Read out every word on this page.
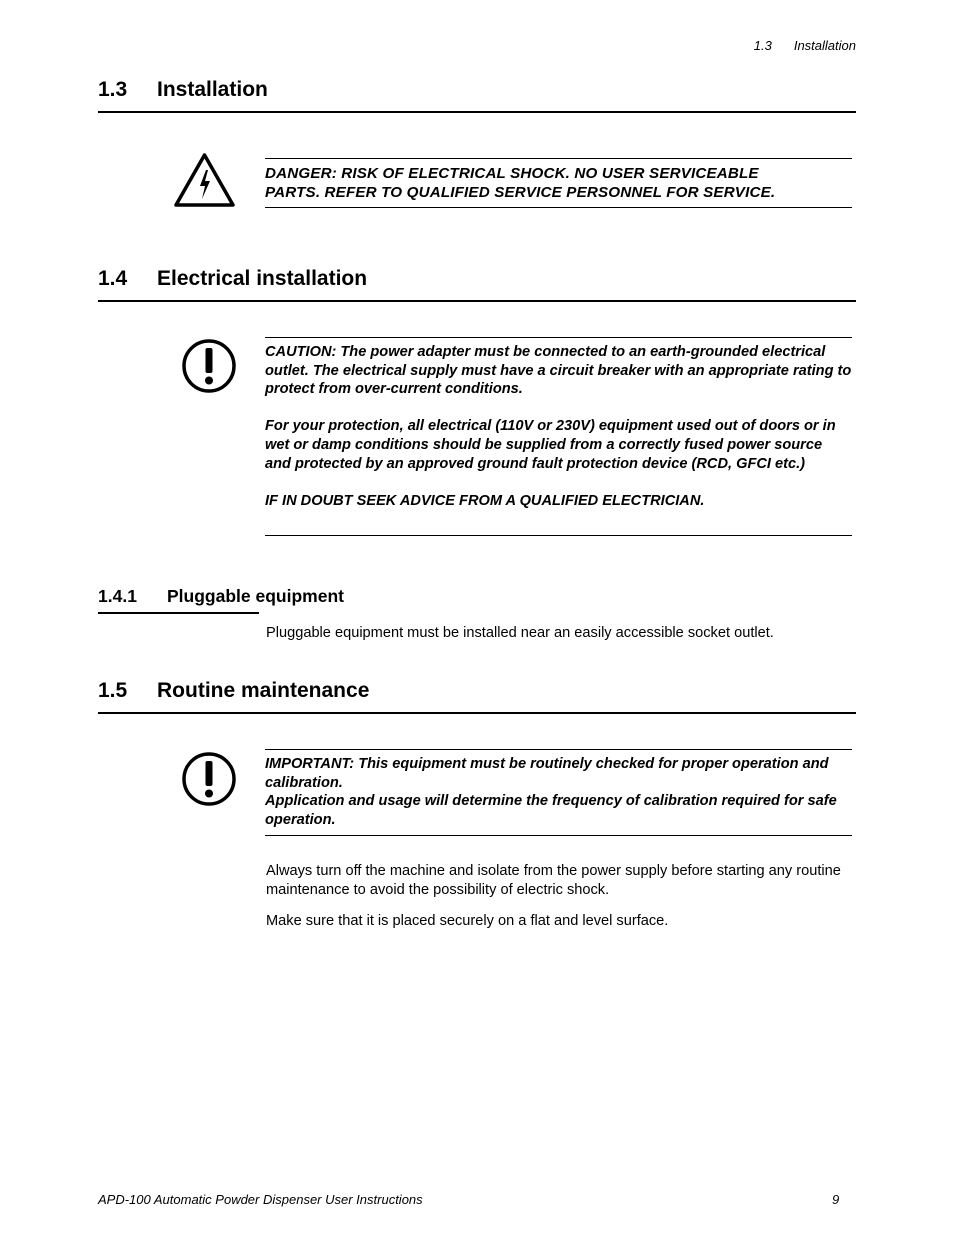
1.3 Installation
1.3 Installation

DANGER: RISK OF ELECTRICAL SHOCK. NO USER SERVICEABLE

PARTS. REFER TO QUALIFIED SERVICE PERSONNEL FOR SERVICE.

1.4 Electrical installation

CAUTION: The power adapter must be connected to an earth-grounded electrical outlet. The electrical supply must have a circuit breaker with an appropriate rating to protect from over-current conditions.

For your protection, all electrical (110V or 230V) equipment used out of doors or in wet or damp conditions should be supplied from a correctly fused power source and protected by an approved ground fault protection device (RCD, GFCI etc.)

IF IN DOUBT SEEK ADVICE FROM A QUALIFIED ELECTRICIAN.

1.4.1 Pluggable equipment

Pluggable equipment must be installed near an easily accessible socket outlet.

1.5 Routine maintenance

IMPORTANT: This equipment must be routinely checked for proper operation and calibration.

Application and usage will determine the frequency of calibration required for safe operation.

Always turn off the machine and isolate from the power supply before starting any routine maintenance to avoid the possibility of electric shock.

Make sure that it is placed securely on a flat and level surface.

APD-100 Automatic Powder Dispenser User Instructions	9
